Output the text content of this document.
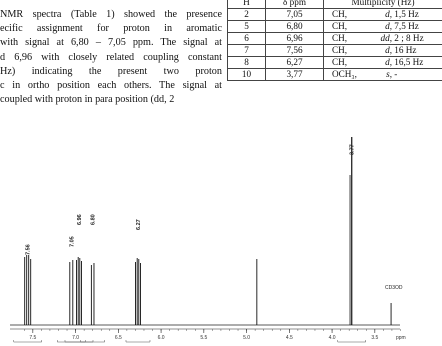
NMR spectra (Table 1) showed the presence
ecific assignment for proton in aromatic
with signal at 6,80 – 7,05 ppm. The signal at
d 6,96 with closely related coupling constant
Hz) indicating the present two proton
c in ortho position each others. The signal at
coupled with proton in para position (dd, 2
H	δ ppm	Multiplicity (Hz)
2	7,05	CH, d, 1,5 Hz
5	6,80	CH, d, 7,5 Hz
6	6,96	CH, dd, 2 ; 8 Hz
7	7,56	CH, d, 16 Hz
8	6,27	CH, d, 16,5 Hz
10	3,77	OCH₃, s, -
7.5	7.0	6.5	6.0	5.5	5.0	4.5	4.0	3.5	ppm
7.56
7.05
6.96 6.80	6.27
3.77
CD3OD
